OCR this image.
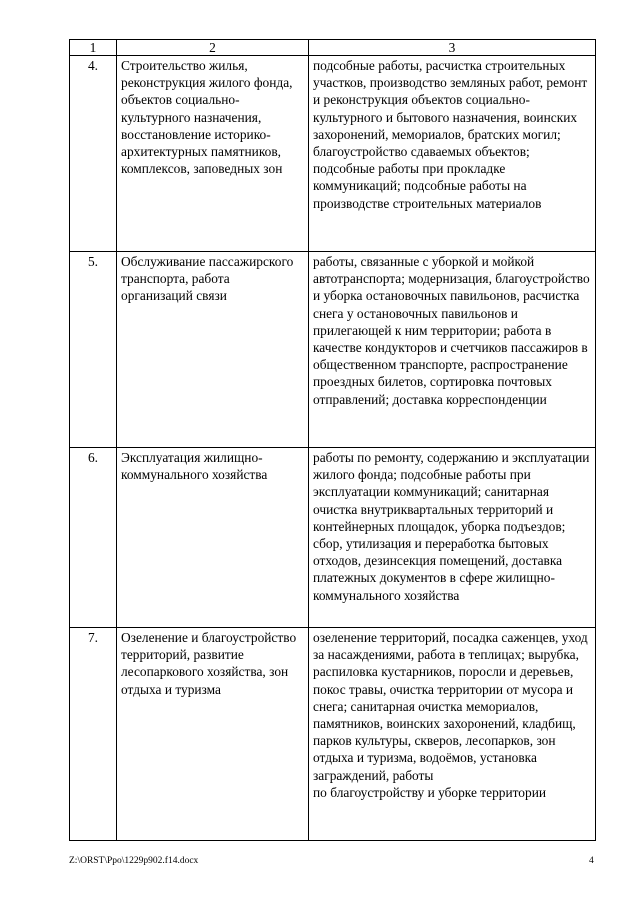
1	2	3
4.	Строительство жилья, реконструкция жилого фонда, объектов социально-культурного назначения, восстановление историко-архитектурных памятников, комплексов, заповедных зон	подсобные работы, расчистка строительных участков, производство земляных работ, ремонт и реконструкция объектов социально-культурного и бытового назначения, воинских захоронений, мемориалов, братских могил; благоустройство сдаваемых объектов; подсобные работы при прокладке коммуникаций; подсобные работы на производстве строительных материалов
5.	Обслуживание пассажирского транспорта, работа организаций связи	работы, связанные с уборкой и мойкой автотранспорта; модернизация, благоустройство и уборка остановочных павильонов, расчистка снега у остановочных павильонов и прилегающей к ним территории; работа в качестве кондукторов и счетчиков пассажиров в общественном транспорте, распространение проездных билетов, сортировка почтовых отправлений; доставка корреспонденции
6.	Эксплуатация жилищно-коммунального хозяйства	работы по ремонту, содержанию и эксплуатации жилого фонда; подсобные работы при эксплуатации коммуникаций; санитарная очистка внутриквартальных территорий и контейнерных площадок, уборка подъездов; сбор, утилизация и переработка бытовых отходов, дезинсекция помещений, доставка платежных документов в сфере жилищно-коммунального хозяйства
7.	Озеленение и благоустройство территорий, развитие лесопаркового хозяйства, зон отдыха и туризма	озеленение территорий, посадка саженцев, уход за насаждениями, работа в теплицах; вырубка, распиловка кустарников, поросли и деревьев, покос травы, очистка территории от мусора и снега; санитарная очистка мемориалов, памятников, воинских захоронений, кладбищ, парков культуры, скверов, лесопарков, зон отдыха и туризма, водоёмов, установка заграждений, работы
по благоустройству и уборке территории
Z:\ORST\Ppo\1229p902.f14.docx	4
